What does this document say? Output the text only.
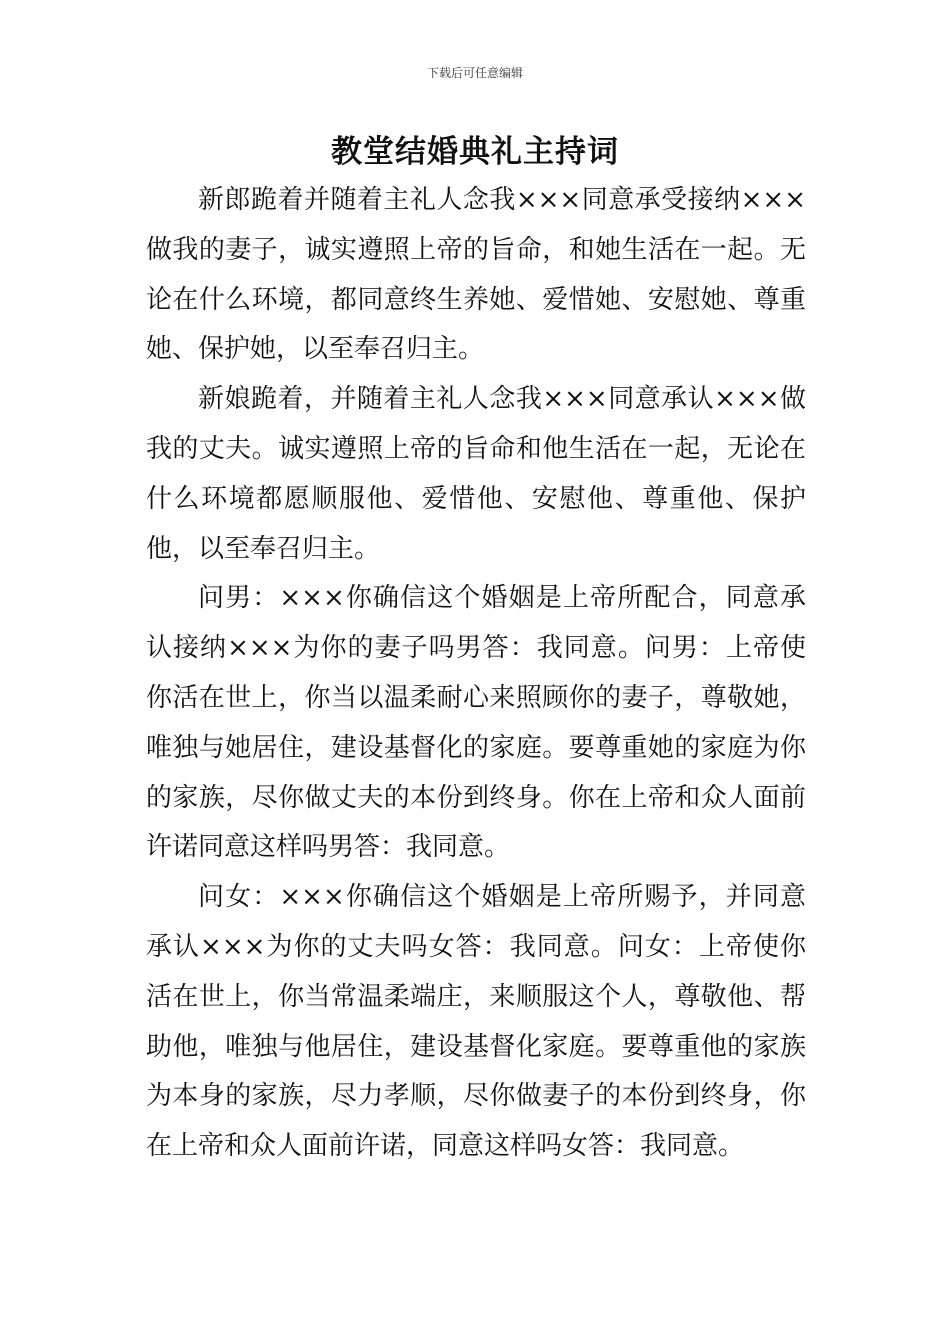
下载后可任意编辑
教堂结婚典礼主持词

新郎跪着并随着主礼人念我×××同意承受接纳×××做我的妻子，诚实遵照上帝的旨命，和她生活在一起。无论在什么环境，都同意终生养她、爱惜她、安慰她、尊重她、保护她，以至奉召归主。

新娘跪着，并随着主礼人念我×××同意承认×××做我的丈夫。诚实遵照上帝的旨命和他生活在一起，无论在什么环境都愿顺服他、爱惜他、安慰他、尊重他、保护他，以至奉召归主。

问男：×××你确信这个婚姻是上帝所配合，同意承认接纳×××为你的妻子吗男答：我同意。问男：上帝使你活在世上，你当以温柔耐心来照顾你的妻子，尊敬她，唯独与她居住，建设基督化的家庭。要尊重她的家庭为你的家族，尽你做丈夫的本份到终身。你在上帝和众人面前许诺同意这样吗男答：我同意。

问女：×××你确信这个婚姻是上帝所赐予，并同意承认×××为你的丈夫吗女答：我同意。问女：上帝使你活在世上，你当常温柔端庄，来顺服这个人，尊敬他、帮助他，唯独与他居住，建设基督化家庭。要尊重他的家族为本身的家族，尽力孝顺，尽你做妻子的本份到终身，你在上帝和众人面前许诺，同意这样吗女答：我同意。
